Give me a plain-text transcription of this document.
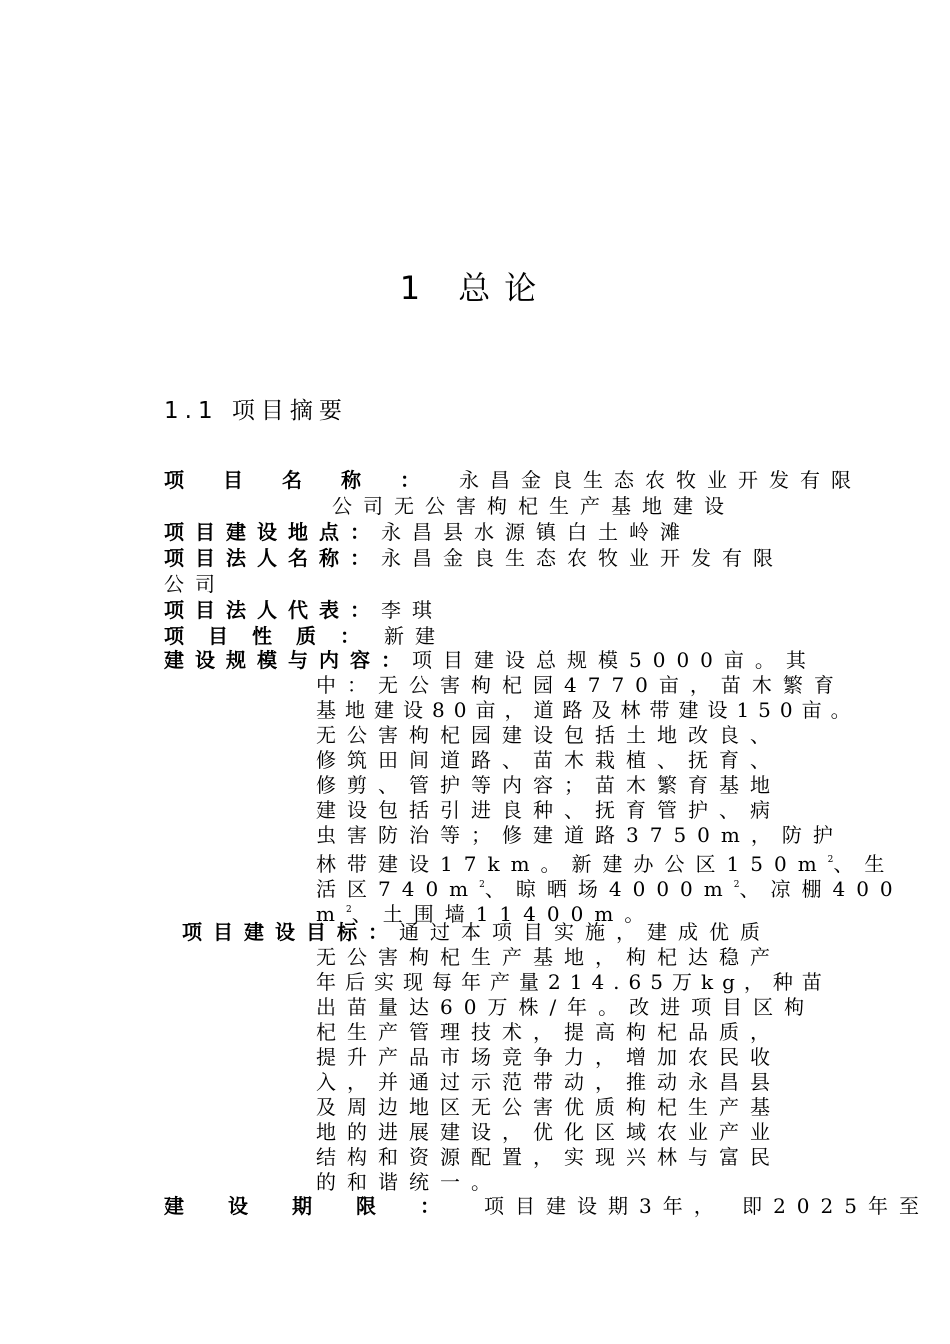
1 总论
1.1 项目摘要
项目名称：永昌金良生态农牧业开发有限
公司无公害枸杞生产基地建设
项目建设地点：永昌县水源镇白土岭滩
项目法人名称：永昌金良生态农牧业开发有限
公司
项目法人代表：李琪
项目性质：新建
建设规模与内容：项目建设总规模5000亩。其
中：无公害枸杞园4770亩，苗木繁育
基地建设80亩，道路及林带建设150亩。
无公害枸杞园建设包括土地改良、
修筑田间道路、苗木栽植、抚育、
修剪、管护等内容；苗木繁育基地
建设包括引进良种、抚育管护、病
虫害防治等；修建道路3750m，防护
林带建设17km。新建办公区$150m^2$、生
活区$740m^2$、晾晒场$4000m^2$、凉棚400
$m^2$、土围墙11400m。
项目建设目标：通过本项目实施，建成优质
无公害枸杞生产基地，枸杞达稳产
年后实现每年产量214.65万kg，种苗
出苗量达60万株/年。改进项目区枸
杞生产管理技术，提高枸杞品质，
提升产品市场竞争力，增加农民收
入，并通过示范带动，推动永昌县
及周边地区无公害优质枸杞生产基
地的进展建设，优化区域农业产业
结构和资源配置，实现兴林与富民
的和谐统一。
建设期限：项目建设期3年， 即2025年至
